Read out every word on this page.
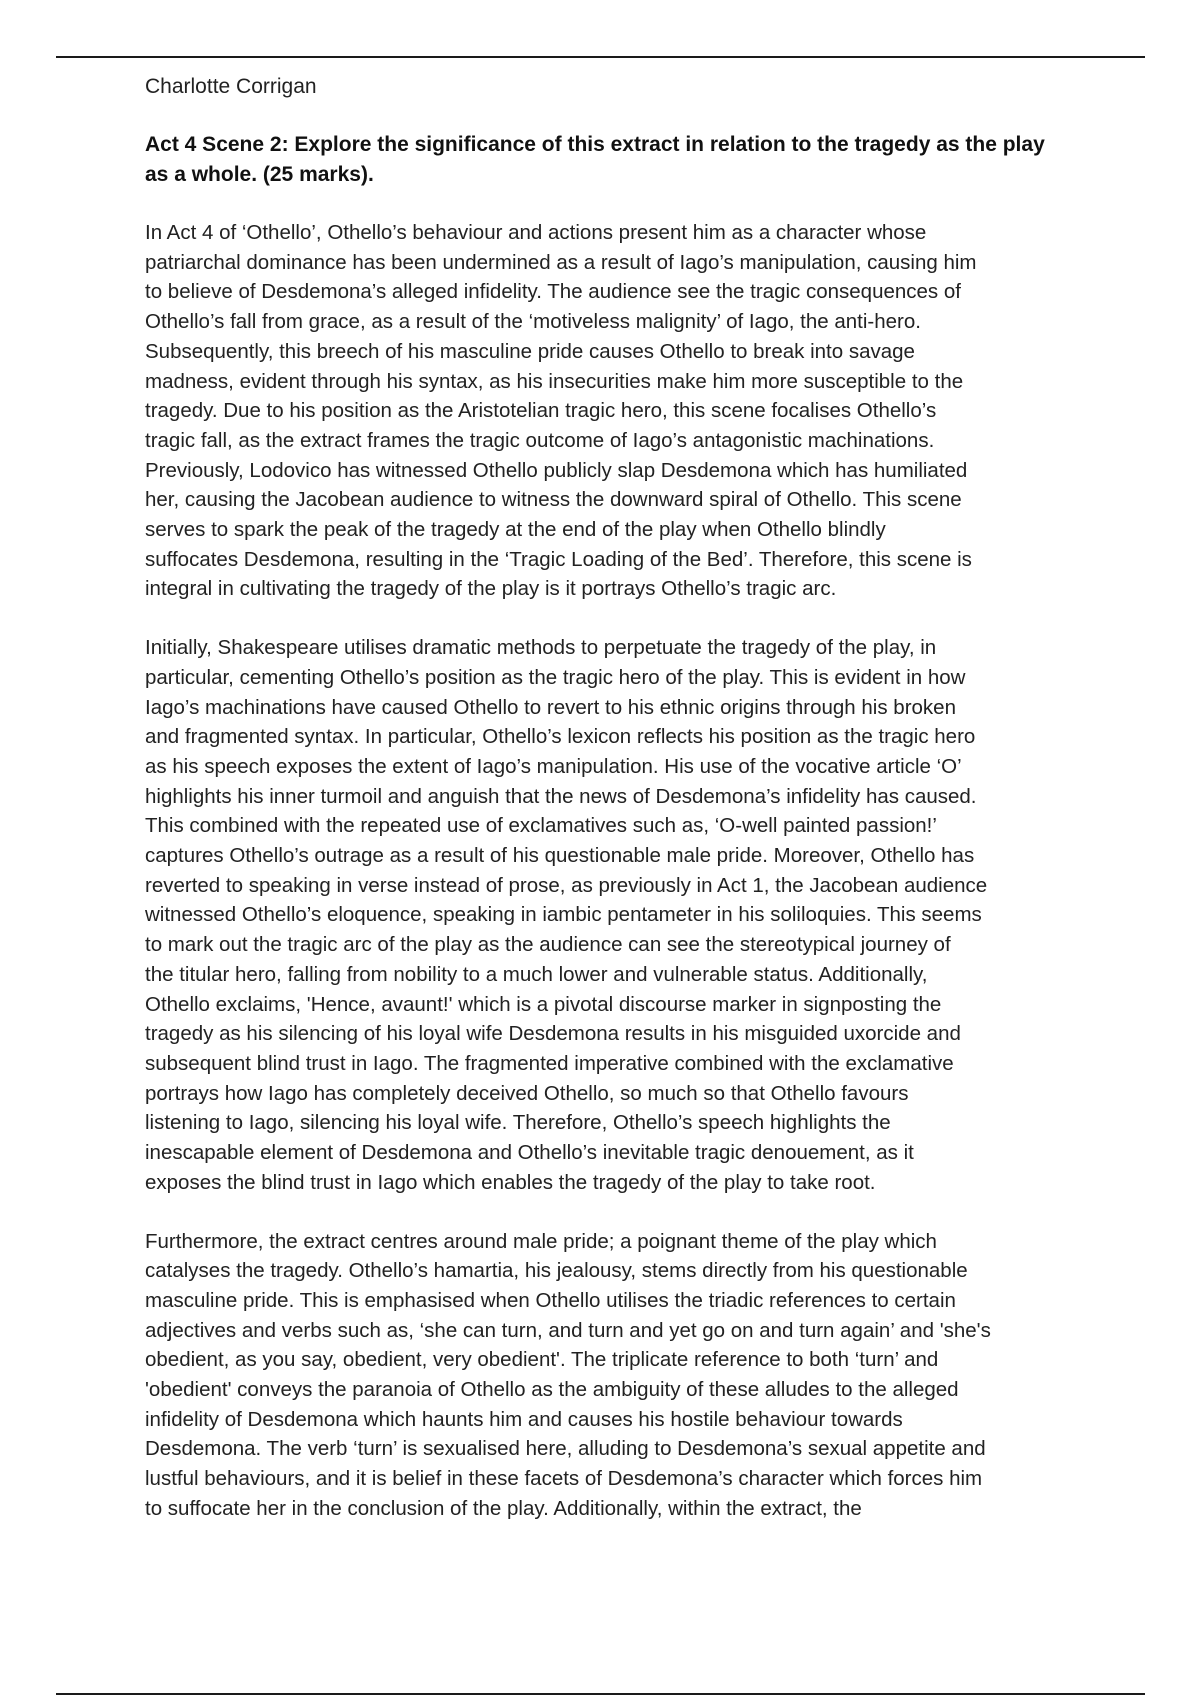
Charlotte Corrigan

Act 4 Scene 2: Explore the significance of this extract in relation to the tragedy as the play
as a whole. (25 marks).

In Act 4 of ‘Othello’, Othello’s behaviour and actions present him as a character whose
patriarchal dominance has been undermined as a result of Iago’s manipulation, causing him
to believe of Desdemona’s alleged infidelity. The audience see the tragic consequences of
Othello’s fall from grace, as a result of the ‘motiveless malignity’ of Iago, the anti-hero.
Subsequently, this breech of his masculine pride causes Othello to break into savage
madness, evident through his syntax, as his insecurities make him more susceptible to the
tragedy. Due to his position as the Aristotelian tragic hero, this scene focalises Othello’s
tragic fall, as the extract frames the tragic outcome of Iago’s antagonistic machinations.
Previously, Lodovico has witnessed Othello publicly slap Desdemona which has humiliated
her, causing the Jacobean audience to witness the downward spiral of Othello. This scene
serves to spark the peak of the tragedy at the end of the play when Othello blindly
suffocates Desdemona, resulting in the ‘Tragic Loading of the Bed’. Therefore, this scene is
integral in cultivating the tragedy of the play is it portrays Othello’s tragic arc.

Initially, Shakespeare utilises dramatic methods to perpetuate the tragedy of the play, in
particular, cementing Othello’s position as the tragic hero of the play. This is evident in how
Iago’s machinations have caused Othello to revert to his ethnic origins through his broken
and fragmented syntax. In particular, Othello’s lexicon reflects his position as the tragic hero
as his speech exposes the extent of Iago’s manipulation. His use of the vocative article ‘O’
highlights his inner turmoil and anguish that the news of Desdemona’s infidelity has caused.
This combined with the repeated use of exclamatives such as, ‘O-well painted passion!’
captures Othello’s outrage as a result of his questionable male pride. Moreover, Othello has
reverted to speaking in verse instead of prose, as previously in Act 1, the Jacobean audience
witnessed Othello’s eloquence, speaking in iambic pentameter in his soliloquies. This seems
to mark out the tragic arc of the play as the audience can see the stereotypical journey of
the titular hero, falling from nobility to a much lower and vulnerable status. Additionally,
Othello exclaims, 'Hence, avaunt!' which is a pivotal discourse marker in signposting the
tragedy as his silencing of his loyal wife Desdemona results in his misguided uxorcide and
subsequent blind trust in Iago. The fragmented imperative combined with the exclamative
portrays how Iago has completely deceived Othello, so much so that Othello favours
listening to Iago, silencing his loyal wife. Therefore, Othello’s speech highlights the
inescapable element of Desdemona and Othello’s inevitable tragic denouement, as it
exposes the blind trust in Iago which enables the tragedy of the play to take root.

Furthermore, the extract centres around male pride; a poignant theme of the play which
catalyses the tragedy. Othello’s hamartia, his jealousy, stems directly from his questionable
masculine pride. This is emphasised when Othello utilises the triadic references to certain
adjectives and verbs such as, ‘she can turn, and turn and yet go on and turn again’ and 'she's
obedient, as you say, obedient, very obedient'. The triplicate reference to both ‘turn’ and
'obedient' conveys the paranoia of Othello as the ambiguity of these alludes to the alleged
infidelity of Desdemona which haunts him and causes his hostile behaviour towards
Desdemona. The verb ‘turn’ is sexualised here, alluding to Desdemona’s sexual appetite and
lustful behaviours, and it is belief in these facets of Desdemona’s character which forces him
to suffocate her in the conclusion of the play. Additionally, within the extract, the
